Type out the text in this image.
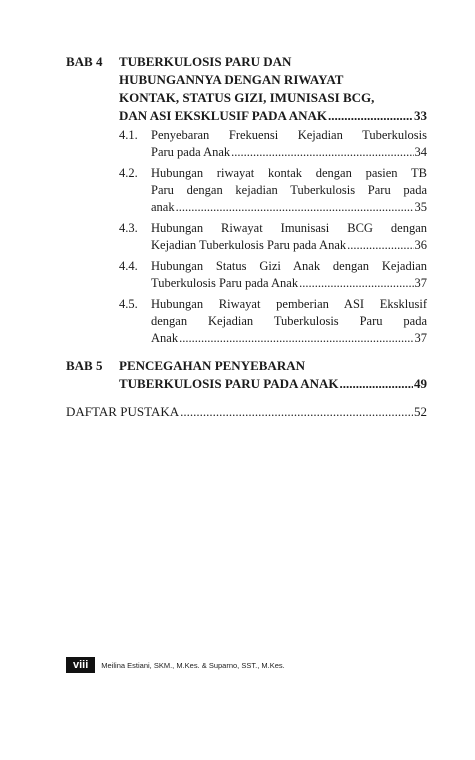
BAB 4 TUBERKULOSIS PARU DAN
HUBUNGANNYA DENGAN RIWAYAT
KONTAK, STATUS GIZI, IMUNISASI BCG,
DAN ASI EKSKLUSIF PADA ANAK .....	33
4.1. Penyebaran Frekuensi Kejadian Tuberkulosis
Paru pada Anak .....	34
4.2. Hubungan riwayat kontak dengan pasien TB
Paru dengan kejadian Tuberkulosis Paru pada
anak .....	35
4.3. Hubungan Riwayat Imunisasi BCG dengan
Kejadian Tuberkulosis Paru pada Anak .....	36
4.4. Hubungan Status Gizi Anak dengan Kejadian
Tuberkulosis Paru pada Anak .....	37
4.5. Hubungan Riwayat pemberian ASI Eksklusif
dengan Kejadian Tuberkulosis Paru pada
Anak .....	37
BAB 5 PENCEGAHAN PENYEBARAN
TUBERKULOSIS PARU PADA ANAK .....	49
DAFTAR PUSTAKA .....	52
viii	Meilina Estiani, SKM., M.Kes. & Suparno, SST., M.Kes.
